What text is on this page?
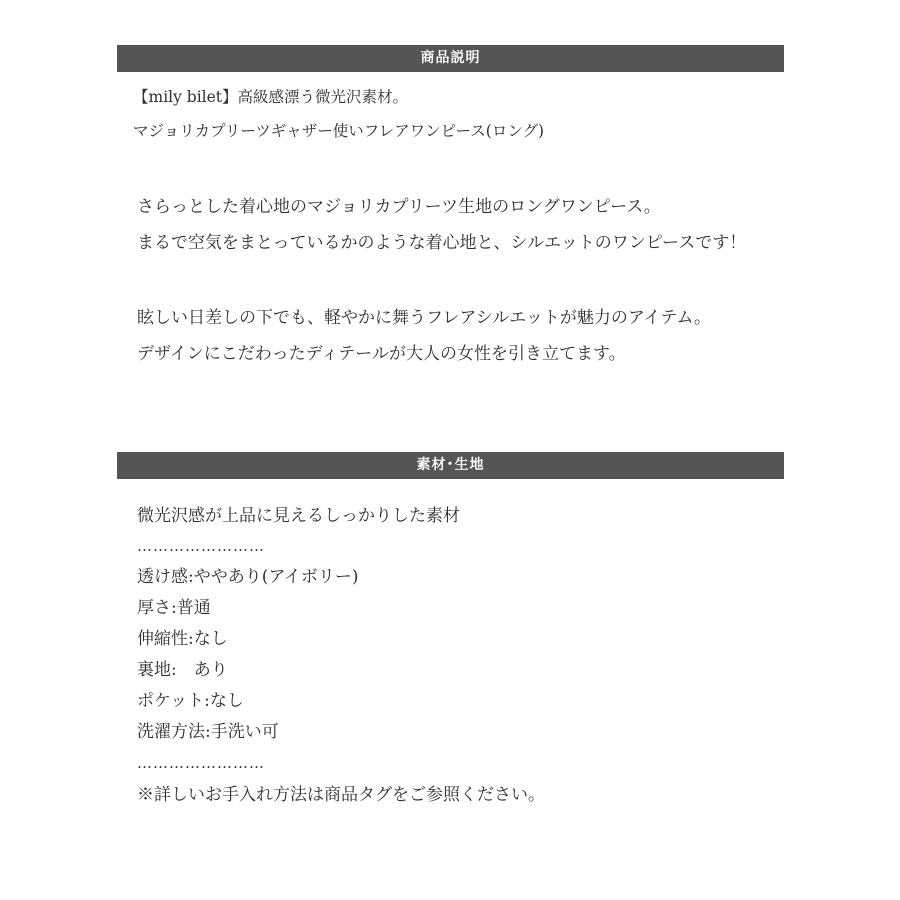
商品説明
【mily bilet】高級感漂う微光沢素材。
マジョリカプリーツギャザー使いフレアワンピース(ロング)
さらっとした着心地のマジョリカプリーツ生地のロングワンピース。
まるで空気をまとっているかのような着心地と、シルエットのワンピースです！
眩しい日差しの下でも、軽やかに舞うフレアシルエットが魅力のアイテム。
デザインにこだわったディテールが大人の女性を引き立てます。
素材･生地
微光沢感が上品に見えるしっかりした素材
……………………
透け感:ややあり(アイボリー)
厚さ:普通
伸縮性:なし
裏地:　あり
ポケット:なし
洗濯方法:手洗い可
……………………
※詳しいお手入れ方法は商品タグをご参照ください。
